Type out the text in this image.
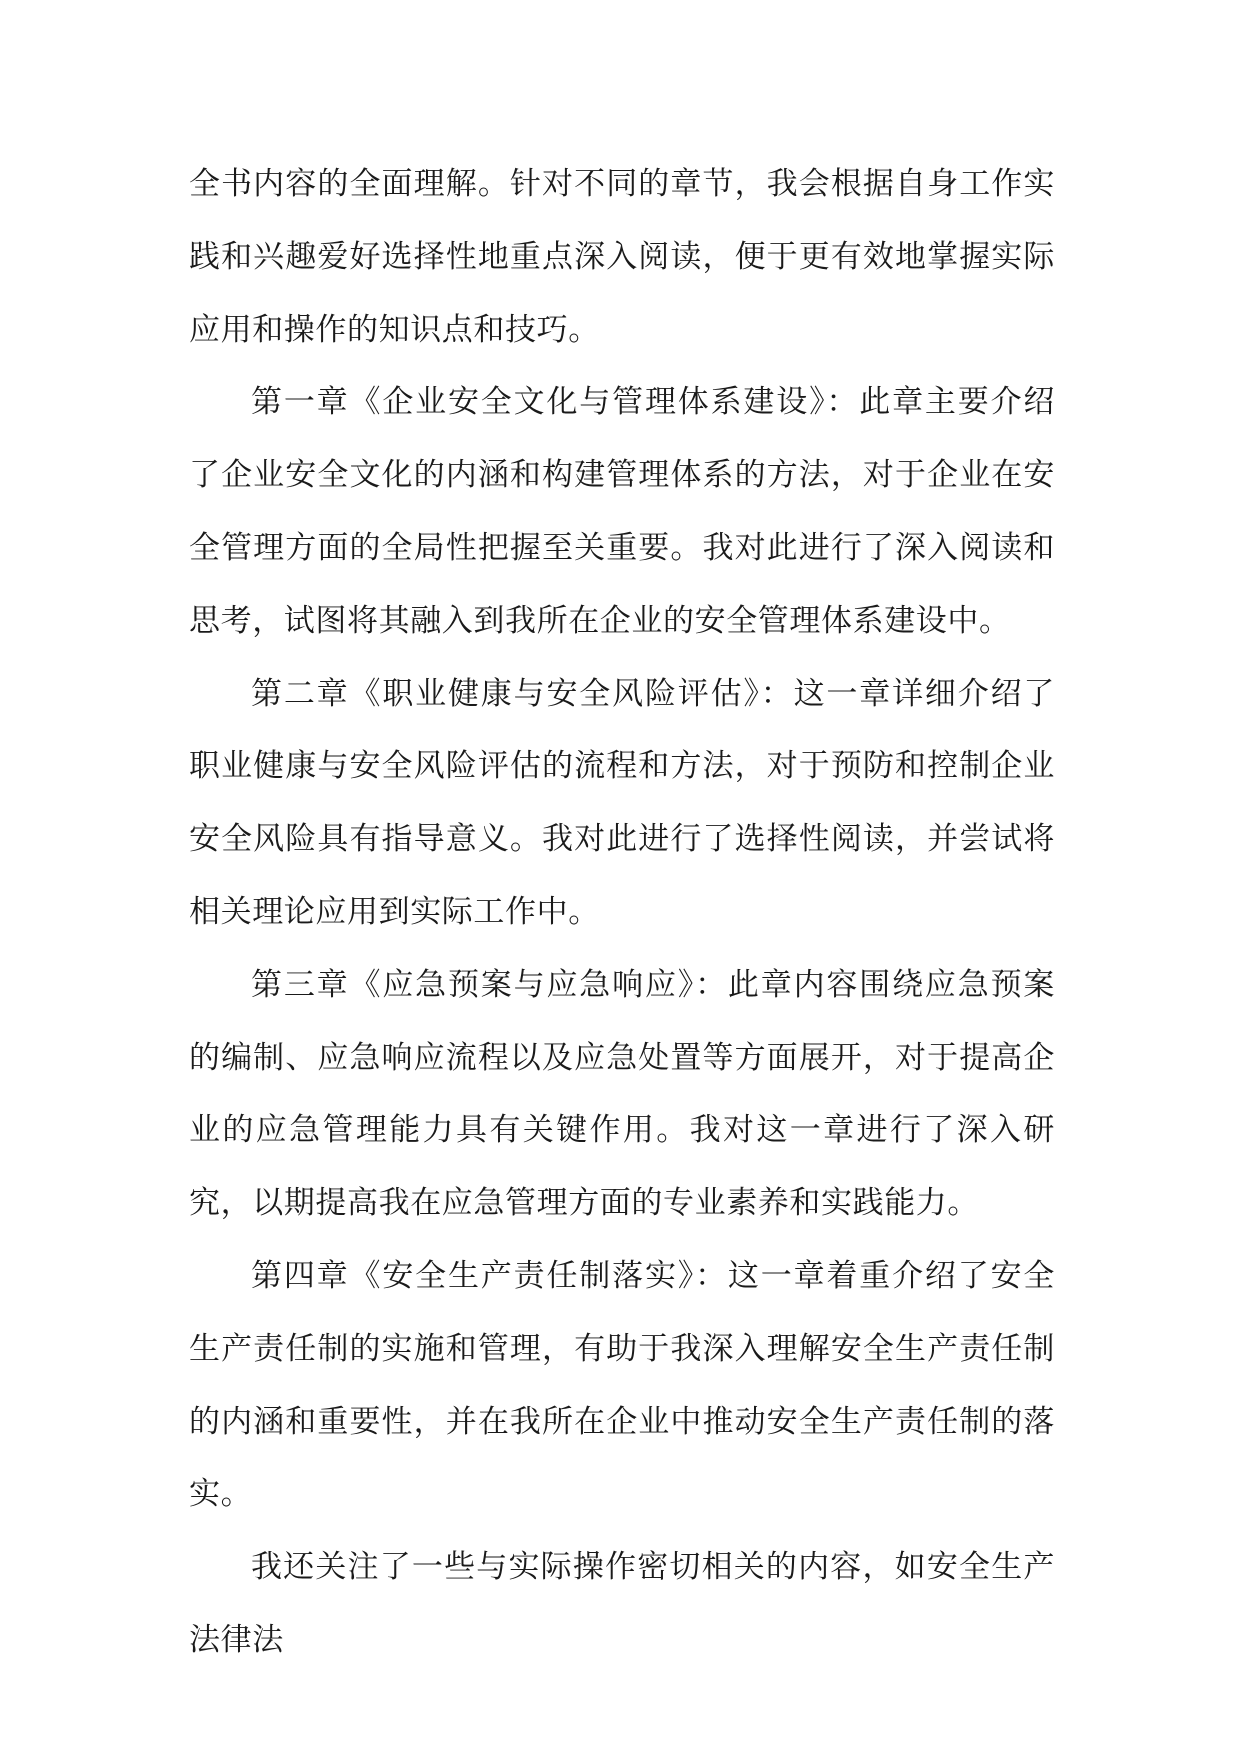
全书内容的全面理解。针对不同的章节，我会根据自身工作实践和兴趣爱好选择性地重点深入阅读，便于更有效地掌握实际应用和操作的知识点和技巧。

第一章《企业安全文化与管理体系建设》：此章主要介绍了企业安全文化的内涵和构建管理体系的方法，对于企业在安全管理方面的全局性把握至关重要。我对此进行了深入阅读和思考，试图将其融入到我所在企业的安全管理体系建设中。

第二章《职业健康与安全风险评估》：这一章详细介绍了职业健康与安全风险评估的流程和方法，对于预防和控制企业安全风险具有指导意义。我对此进行了选择性阅读，并尝试将相关理论应用到实际工作中。

第三章《应急预案与应急响应》：此章内容围绕应急预案的编制、应急响应流程以及应急处置等方面展开，对于提高企业的应急管理能力具有关键作用。我对这一章进行了深入研究，以期提高我在应急管理方面的专业素养和实践能力。

第四章《安全生产责任制落实》：这一章着重介绍了安全生产责任制的实施和管理，有助于我深入理解安全生产责任制的内涵和重要性，并在我所在企业中推动安全生产责任制的落实。

我还关注了一些与实际操作密切相关的内容，如安全生产法律法
